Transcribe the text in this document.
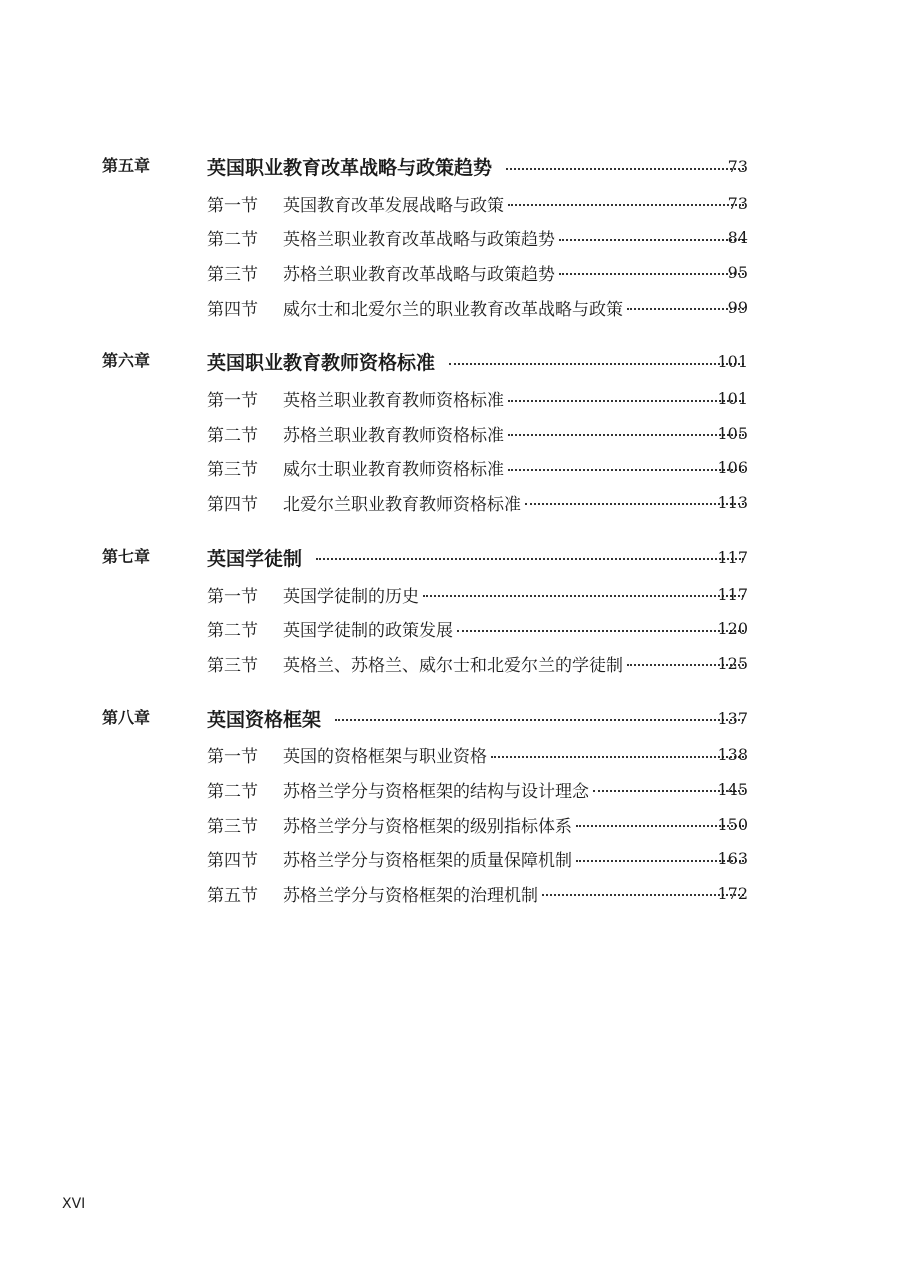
第五章	英国职业教育改革战略与政策趋势	73
第一节	英国教育改革发展战略与政策	73
第二节	英格兰职业教育改革战略与政策趋势	84
第三节	苏格兰职业教育改革战略与政策趋势	95
第四节	威尔士和北爱尔兰的职业教育改革战略与政策	99
第六章	英国职业教育教师资格标准	101
第一节	英格兰职业教育教师资格标准	101
第二节	苏格兰职业教育教师资格标准	105
第三节	威尔士职业教育教师资格标准	106
第四节	北爱尔兰职业教育教师资格标准	113
第七章	英国学徒制	117
第一节	英国学徒制的历史	117
第二节	英国学徒制的政策发展	120
第三节	英格兰、苏格兰、威尔士和北爱尔兰的学徒制	125
第八章	英国资格框架	137
第一节	英国的资格框架与职业资格	138
第二节	苏格兰学分与资格框架的结构与设计理念	145
第三节	苏格兰学分与资格框架的级别指标体系	150
第四节	苏格兰学分与资格框架的质量保障机制	163
第五节	苏格兰学分与资格框架的治理机制	172
XVI
